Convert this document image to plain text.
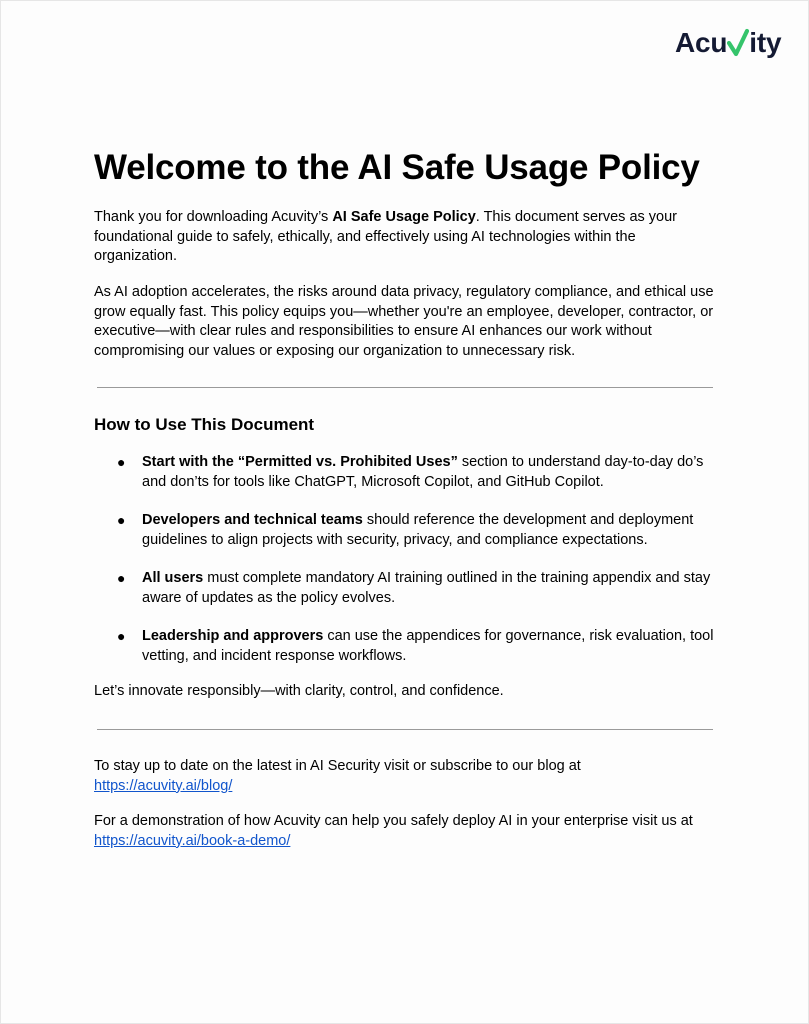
Acu ity
Welcome to the AI Safe Usage Policy

Thank you for downloading Acuvity’s AI Safe Usage Policy. This document serves as your foundational guide to safely, ethically, and effectively using AI technologies within the organization.

As AI adoption accelerates, the risks around data privacy, regulatory compliance, and ethical use grow equally fast. This policy equips you—whether you're an employee, developer, contractor, or executive—with clear rules and responsibilities to ensure AI enhances our work without compromising our values or exposing our organization to unnecessary risk.

How to Use This Document
● Start with the “Permitted vs. Prohibited Uses” section to understand day-to-day do’s and don’ts for tools like ChatGPT, Microsoft Copilot, and GitHub Copilot.
● Developers and technical teams should reference the development and deployment guidelines to align projects with security, privacy, and compliance expectations.
● All users must complete mandatory AI training outlined in the training appendix and stay aware of updates as the policy evolves.
● Leadership and approvers can use the appendices for governance, risk evaluation, tool vetting, and incident response workflows.

Let’s innovate responsibly—with clarity, control, and confidence.

To stay up to date on the latest in AI Security visit or subscribe to our blog at
https://acuvity.ai/blog/

For a demonstration of how Acuvity can help you safely deploy AI in your enterprise visit us at
https://acuvity.ai/book-a-demo/
